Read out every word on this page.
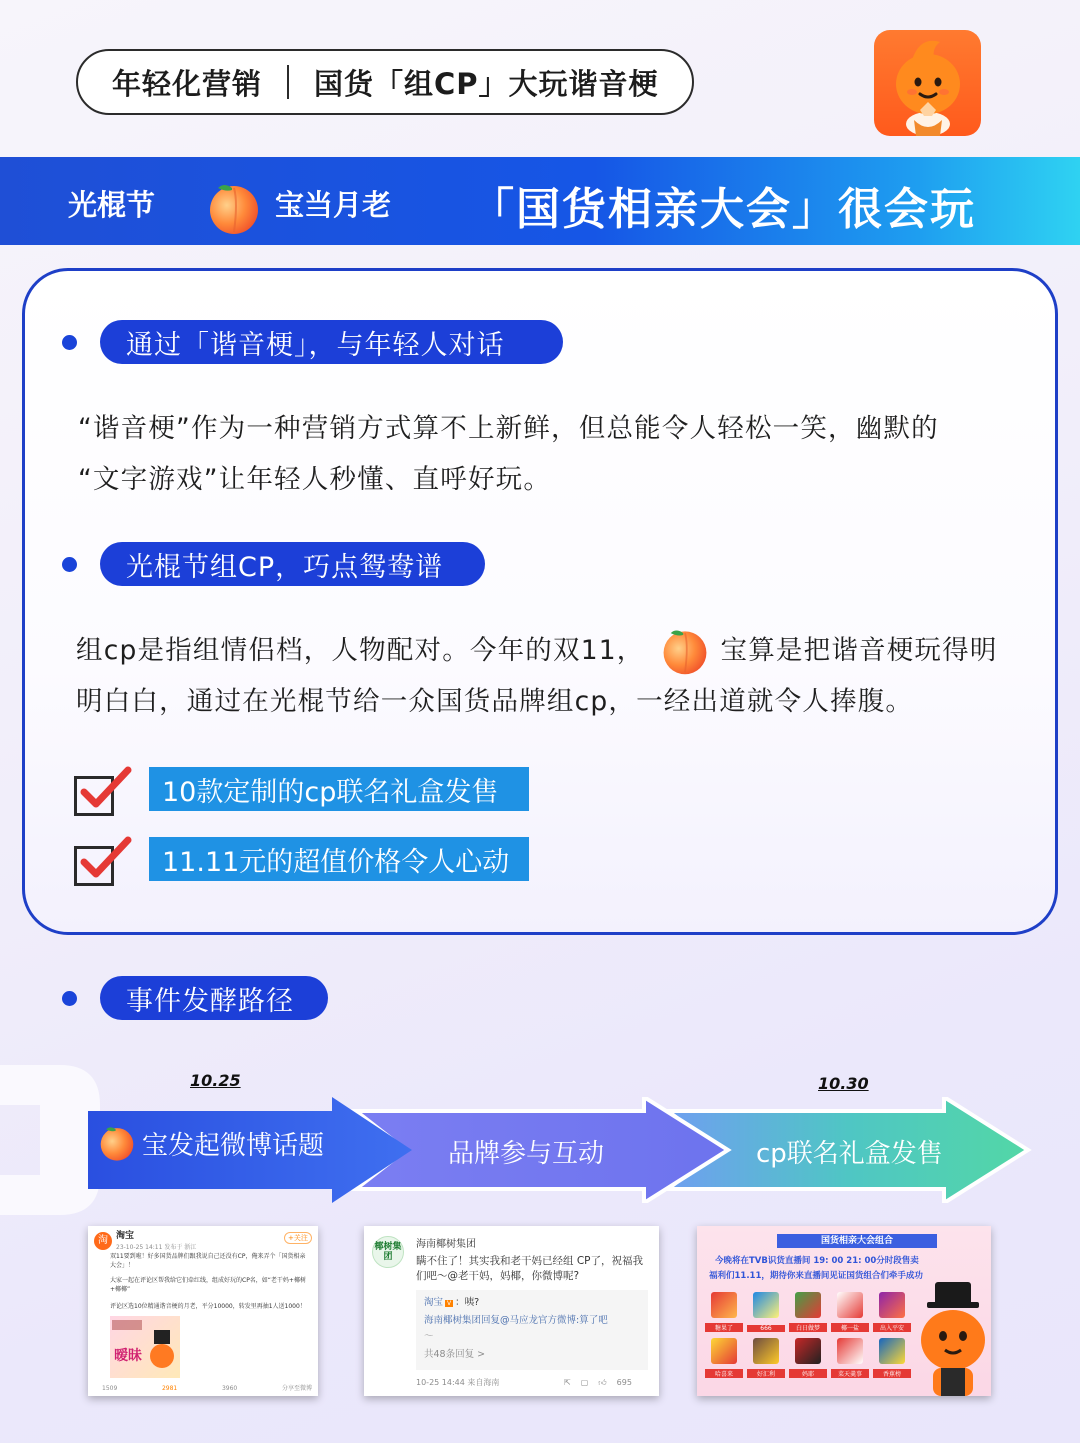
年轻化营销 国货「组CP」大玩谐音梗
光棍节	宝当月老 「国货相亲大会」很会玩
通过「谐音梗」，与年轻人对话
“谐音梗”作为一种营销方式算不上新鲜，但总能令人轻松一笑，幽默的
“文字游戏”让年轻人秒懂、直呼好玩。
光棍节组CP，巧点鸳鸯谱
组cp是指组情侣档，人物配对。今年的双11，	宝算是把谐音梗玩得明
明白白，通过在光棍节给一众国货品牌组cp，一经出道就令人捧腹。
10款定制的cp联名礼盒发售
11.11元的超值价格令人心动
事件发酵路径
10.25	10.30
宝发起微博话题	品牌参与互动	cp联名礼盒发售
淘 淘宝
23-10-25 14:11 发布于 浙江
+关注
双11要到啦！好多国货品牌们跟我说自己还没有CP，俺来弄个「国货相亲大会」！
大家一起在评论区帮我给它们牵红线，组成好玩的CP名，如“老干妈+椰树+椰椰”
评论区选10位精通谐音梗的月老，平分10000，转发里再抽1人送1000！
暧昧
1509	2981	3960	分享至微博
椰树集团
海南椰树集团
瞒不住了！其实我和老干妈已经组 CP了，祝福我们吧～@老干妈，妈椰，你微博呢?
淘宝 V ：咦?
海南椰树集团回复@马应龙官方微博:算了吧
～
共48条回复 >
10-25 14:44 来自海南	⇱ ▢ 👍︎ 695
国货相亲大会组合
今晚将在TVB识货直播间 19: 00 21: 00分时段售卖
福利们11.11，期待你来直播间见证国货组合们牵手成功
糖果了	666	白日做梦	椰一盐	出入平安
哈喜来	好汇利	妈耶	菜天羹事	香蕉榜
